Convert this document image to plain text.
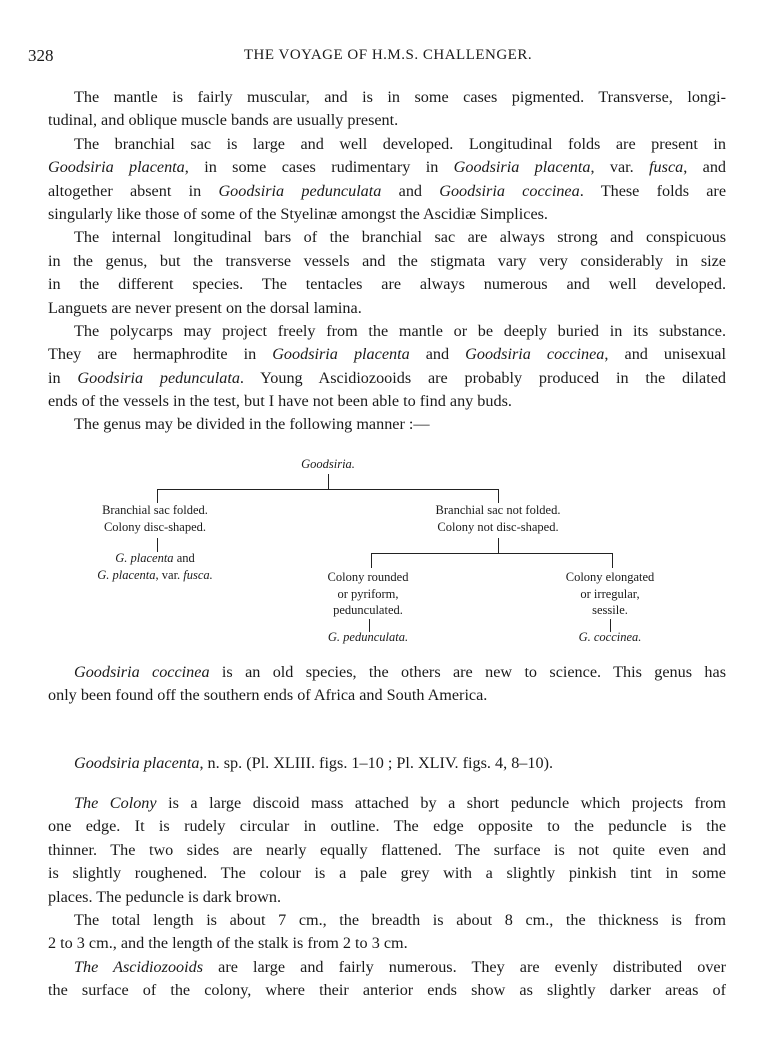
328	THE VOYAGE OF H.M.S. CHALLENGER.
The mantle is fairly muscular, and is in some cases pigmented. Transverse, longi-
tudinal, and oblique muscle bands are usually present.
The branchial sac is large and well developed. Longitudinal folds are present in
Goodsiria placenta, in some cases rudimentary in Goodsiria placenta, var. fusca, and
altogether absent in Goodsiria pedunculata and Goodsiria coccinea. These folds are
singularly like those of some of the Styelinæ amongst the Ascidiæ Simplices.
The internal longitudinal bars of the branchial sac are always strong and conspicuous
in the genus, but the transverse vessels and the stigmata vary very considerably in size
in the different species. The tentacles are always numerous and well developed.
Languets are never present on the dorsal lamina.
The polycarps may project freely from the mantle or be deeply buried in its substance.
They are hermaphrodite in Goodsiria placenta and Goodsiria coccinea, and unisexual
in Goodsiria pedunculata. Young Ascidiozooids are probably produced in the dilated
ends of the vessels in the test, but I have not been able to find any buds.
The genus may be divided in the following manner :—
Goodsiria.
Branchial sac folded.
Colony disc-shaped.
G. placenta and
G. placenta, var. fusca.
Branchial sac not folded.
Colony not disc-shaped.
Colony rounded
or pyriform,
pedunculated.
G. pedunculata.
Colony elongated
or irregular,
sessile.
G. coccinea.
Goodsiria coccinea is an old species, the others are new to science. This genus has
only been found off the southern ends of Africa and South America.
Goodsiria placenta, n. sp. (Pl. XLIII. figs. 1–10 ; Pl. XLIV. figs. 4, 8–10).
The Colony is a large discoid mass attached by a short peduncle which projects from
one edge. It is rudely circular in outline. The edge opposite to the peduncle is the
thinner. The two sides are nearly equally flattened. The surface is not quite even and
is slightly roughened. The colour is a pale grey with a slightly pinkish tint in some
places. The peduncle is dark brown.
The total length is about 7 cm., the breadth is about 8 cm., the thickness is from
2 to 3 cm., and the length of the stalk is from 2 to 3 cm.
The Ascidiozooids are large and fairly numerous. They are evenly distributed over
the surface of the colony, where their anterior ends show as slightly darker areas of
